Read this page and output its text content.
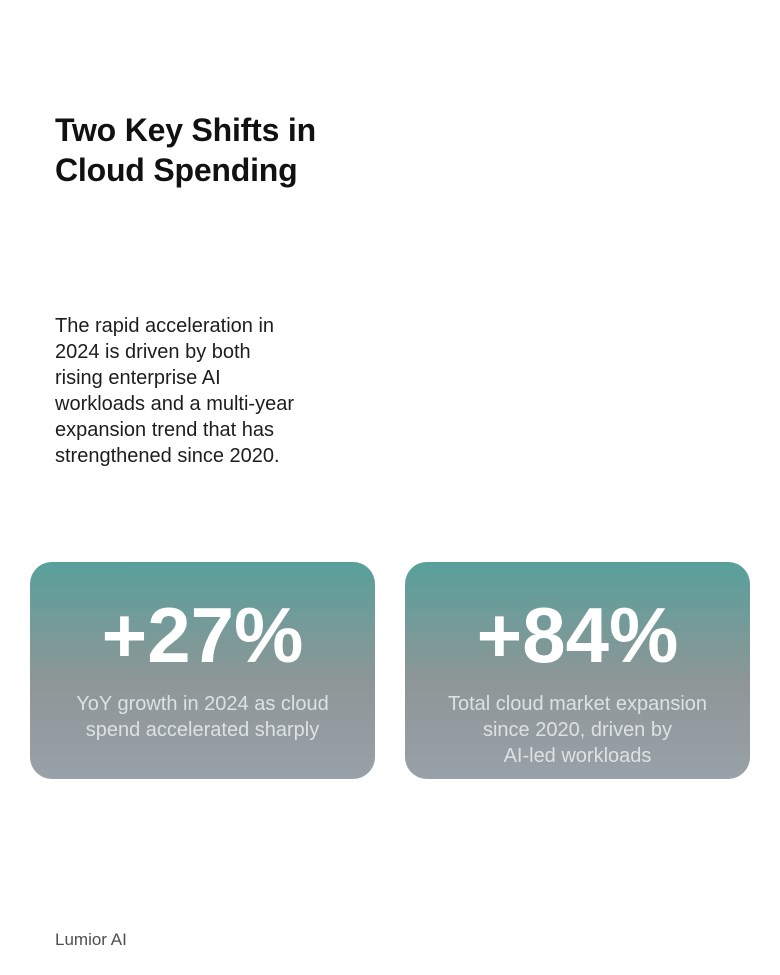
Two Key Shifts in
Cloud Spending
The rapid acceleration in
2024 is driven by both
rising enterprise AI
workloads and a multi-year
expansion trend that has
strengthened since 2020.
+27%
YoY growth in 2024 as cloud
spend accelerated sharply
+84%
Total cloud market expansion
since 2020, driven by
AI-led workloads
Lumior AI
